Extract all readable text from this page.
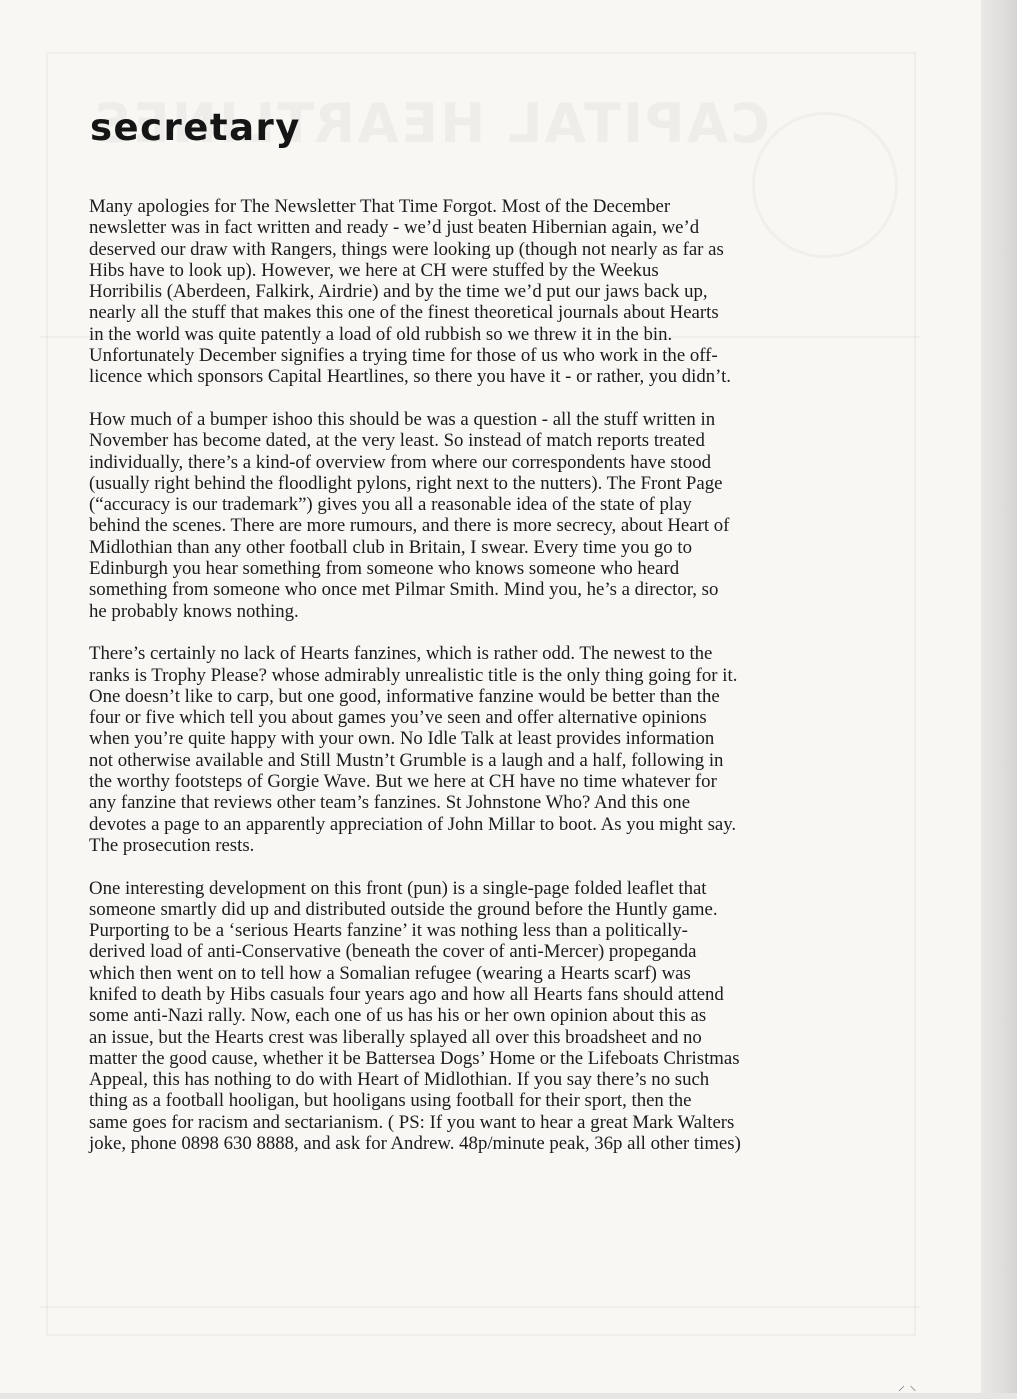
secretary

Many apologies for The Newsletter That Time Forgot. Most of the December
newsletter was in fact written and ready - we’d just beaten Hibernian again, we’d
deserved our draw with Rangers, things were looking up (though not nearly as far as
Hibs have to look up). However, we here at CH were stuffed by the Weekus
Horribilis (Aberdeen, Falkirk, Airdrie) and by the time we’d put our jaws back up,
nearly all the stuff that makes this one of the finest theoretical journals about Hearts
in the world was quite patently a load of old rubbish so we threw it in the bin.
Unfortunately December signifies a trying time for those of us who work in the off-
licence which sponsors Capital Heartlines, so there you have it - or rather, you didn’t.

How much of a bumper ishoo this should be was a question - all the stuff written in
November has become dated, at the very least. So instead of match reports treated
individually, there’s a kind-of overview from where our correspondents have stood
(usually right behind the floodlight pylons, right next to the nutters). The Front Page
(“accuracy is our trademark”) gives you all a reasonable idea of the state of play
behind the scenes. There are more rumours, and there is more secrecy, about Heart of
Midlothian than any other football club in Britain, I swear. Every time you go to
Edinburgh you hear something from someone who knows someone who heard
something from someone who once met Pilmar Smith. Mind you, he’s a director, so
he probably knows nothing.

There’s certainly no lack of Hearts fanzines, which is rather odd. The newest to the
ranks is Trophy Please? whose admirably unrealistic title is the only thing going for it.
One doesn’t like to carp, but one good, informative fanzine would be better than the
four or five which tell you about games you’ve seen and offer alternative opinions
when you’re quite happy with your own. No Idle Talk at least provides information
not otherwise available and Still Mustn’t Grumble is a laugh and a half, following in
the worthy footsteps of Gorgie Wave. But we here at CH have no time whatever for
any fanzine that reviews other team’s fanzines. St Johnstone Who? And this one
devotes a page to an apparently appreciation of John Millar to boot. As you might say.
The prosecution rests.

One interesting development on this front (pun) is a single-page folded leaflet that
someone smartly did up and distributed outside the ground before the Huntly game.
Purporting to be a ‘serious Hearts fanzine’ it was nothing less than a politically-
derived load of anti-Conservative (beneath the cover of anti-Mercer) propeganda
which then went on to tell how a Somalian refugee (wearing a Hearts scarf) was
knifed to death by Hibs casuals four years ago and how all Hearts fans should attend
some anti-Nazi rally. Now, each one of us has his or her own opinion about this as
an issue, but the Hearts crest was liberally splayed all over this broadsheet and no
matter the good cause, whether it be Battersea Dogs’ Home or the Lifeboats Christmas
Appeal, this has nothing to do with Heart of Midlothian. If you say there’s no such
thing as a football hooligan, but hooligans using football for their sport, then the
same goes for racism and sectarianism. ( PS: If you want to hear a great Mark Walters
joke, phone 0898 630 8888, and ask for Andrew. 48p/minute peak, 36p all other times)

⸝ ⸜
